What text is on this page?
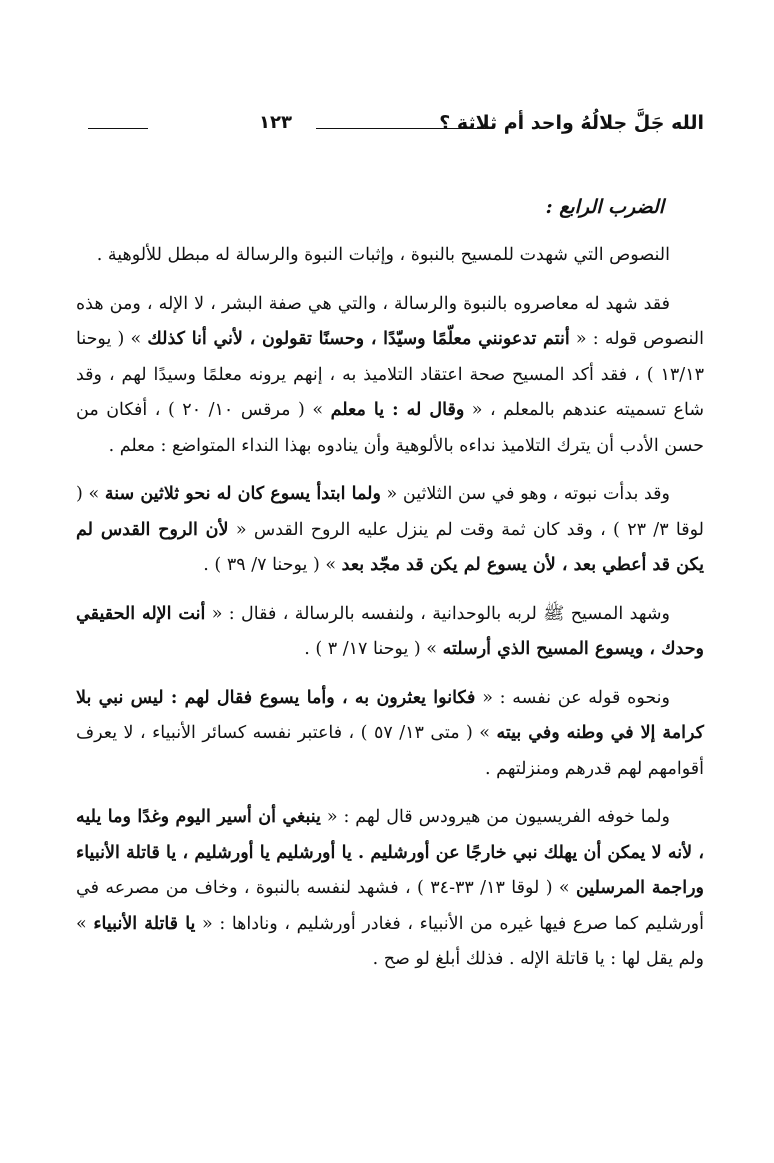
الله جَلَّ جلالُهُ واحد أم ثلاثة ؟
١٢٣
الضرب الرابع :

النصوص التي شهدت للمسيح بالنبوة ، وإثبات النبوة والرسالة له مبطل للألوهية .

فقد شهد له معاصروه بالنبوة والرسالة ، والتي هي صفة البشر ، لا الإله ، ومن هذه النصوص قوله : « أنتم تدعونني معلّمًا وسيّدًا ، وحسنًا تقولون ، لأني أنا كذلك » ( يوحنا ١٣/١٣ ) ، فقد أكد المسيح صحة اعتقاد التلاميذ به ، إنهم يرونه معلمًا وسيدًا لهم ، وقد شاع تسميته عندهم بالمعلم ، « وقال له : يا معلم » ( مرقس ١٠/ ٢٠ ) ، أفكان من حسن الأدب أن يترك التلاميذ نداءه بالألوهية وأن ينادوه بهذا النداء المتواضع : معلم .

وقد بدأت نبوته ، وهو في سن الثلاثين « ولما ابتدأ يسوع كان له نحو ثلاثين سنة » ( لوقا ٣/ ٢٣ ) ، وقد كان ثمة وقت لم ينزل عليه الروح القدس « لأن الروح القدس لم يكن قد أعطي بعد ، لأن يسوع لم يكن قد مجّد بعد » ( يوحنا ٧/ ٣٩ ) .

وشهد المسيح ﷺ لربه بالوحدانية ، ولنفسه بالرسالة ، فقال : « أنت الإله الحقيقي وحدك ، ويسوع المسيح الذي أرسلته » ( يوحنا ١٧/ ٣ ) .

ونحوه قوله عن نفسه : « فكانوا يعثرون به ، وأما يسوع فقال لهم : ليس نبي بلا كرامة إلا في وطنه وفي بيته » ( متى ١٣/ ٥٧ ) ، فاعتبر نفسه كسائر الأنبياء ، لا يعرف أقوامهم لهم قدرهم ومنزلتهم .

ولما خوفه الفريسيون من هيرودس قال لهم : « ينبغي أن أسير اليوم وغدًا وما يليه ، لأنه لا يمكن أن يهلك نبي خارجًا عن أورشليم . يا أورشليم يا أورشليم ، يا قاتلة الأنبياء وراجمة المرسلين » ( لوقا ١٣/ ٣٣-٣٤ ) ، فشهد لنفسه بالنبوة ، وخاف من مصرعه في أورشليم كما صرع فيها غيره من الأنبياء ، فغادر أورشليم ، وناداها : « يا قاتلة الأنبياء » ولم يقل لها : يا قاتلة الإله . فذلك أبلغ لو صح .
